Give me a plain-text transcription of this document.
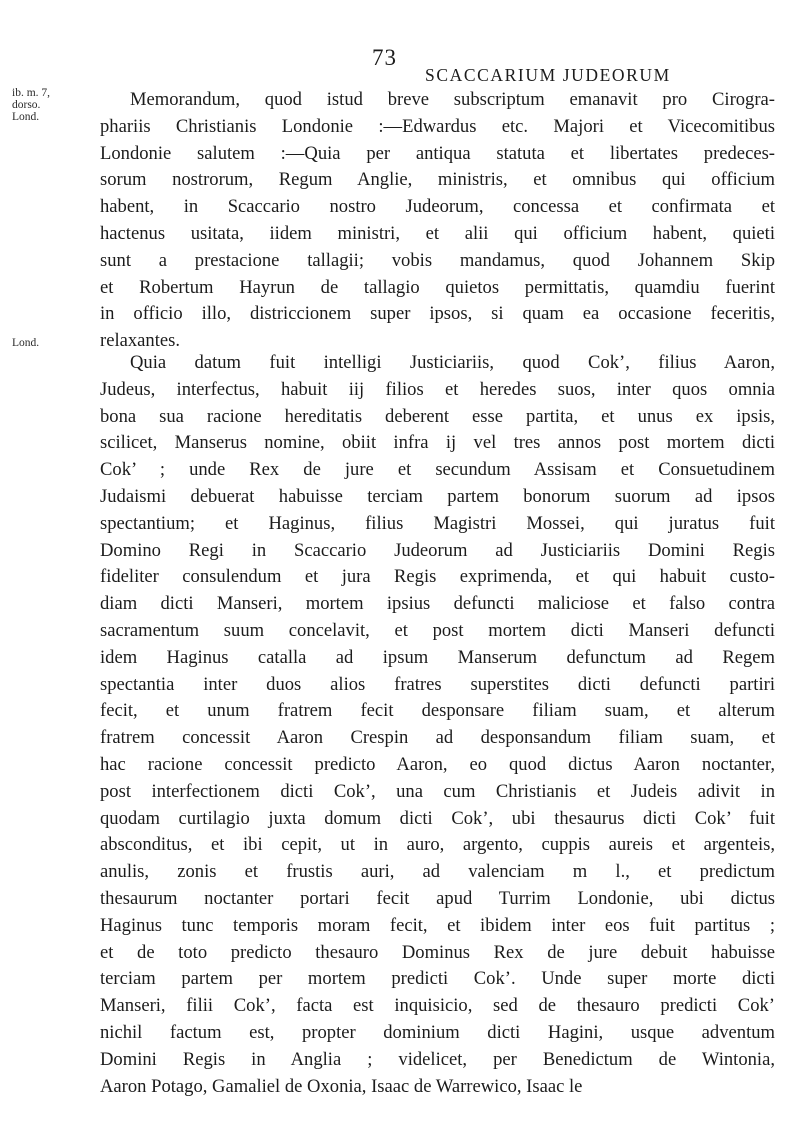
73
SCACCARIUM JUDEORUM
ib. m. 7,
dorso.
Lond.
Lond.
Memorandum, quod istud breve subscriptum emanavit pro Cirogra-
phariis Christianis Londonie :—Edwardus etc. Majori et Vicecomitibus
Londonie salutem :—Quia per antiqua statuta et libertates predeces-
sorum nostrorum, Regum Anglie, ministris, et omnibus qui officium
habent, in Scaccario nostro Judeorum, concessa et confirmata et
hactenus usitata, iidem ministri, et alii qui officium habent, quieti
sunt a prestacione tallagii; vobis mandamus, quod Johannem Skip
et Robertum Hayrun de tallagio quietos permittatis, quamdiu fuerint
in officio illo, districcionem super ipsos, si quam ea occasione feceritis,
relaxantes.
Quia datum fuit intelligi Justiciariis, quod Cok’, filius Aaron,
Judeus, interfectus, habuit iij filios et heredes suos, inter quos omnia
bona sua racione hereditatis deberent esse partita, et unus ex ipsis,
scilicet, Manserus nomine, obiit infra ij vel tres annos post mortem dicti
Cok’ ; unde Rex de jure et secundum Assisam et Consuetudinem
Judaismi debuerat habuisse terciam partem bonorum suorum ad ipsos
spectantium; et Haginus, filius Magistri Mossei, qui juratus fuit
Domino Regi in Scaccario Judeorum ad Justiciariis Domini Regis
fideliter consulendum et jura Regis exprimenda, et qui habuit custo-
diam dicti Manseri, mortem ipsius defuncti maliciose et falso contra
sacramentum suum concelavit, et post mortem dicti Manseri defuncti
idem Haginus catalla ad ipsum Manserum defunctum ad Regem
spectantia inter duos alios fratres superstites dicti defuncti partiri
fecit, et unum fratrem fecit desponsare filiam suam, et alterum
fratrem concessit Aaron Crespin ad desponsandum filiam suam, et
hac racione concessit predicto Aaron, eo quod dictus Aaron noctanter,
post interfectionem dicti Cok’, una cum Christianis et Judeis adivit in
quodam curtilagio juxta domum dicti Cok’, ubi thesaurus dicti Cok’ fuit
absconditus, et ibi cepit, ut in auro, argento, cuppis aureis et argenteis,
anulis, zonis et frustis auri, ad valenciam m l., et predictum
thesaurum noctanter portari fecit apud Turrim Londonie, ubi dictus
Haginus tunc temporis moram fecit, et ibidem inter eos fuit partitus ;
et de toto predicto thesauro Dominus Rex de jure debuit habuisse
terciam partem per mortem predicti Cok’. Unde super morte dicti
Manseri, filii Cok’, facta est inquisicio, sed de thesauro predicti Cok’
nichil factum est, propter dominium dicti Hagini, usque adventum
Domini Regis in Anglia ; videlicet, per Benedictum de Wintonia,
Aaron Potago, Gamaliel de Oxonia, Isaac de Warrewico, Isaac le
